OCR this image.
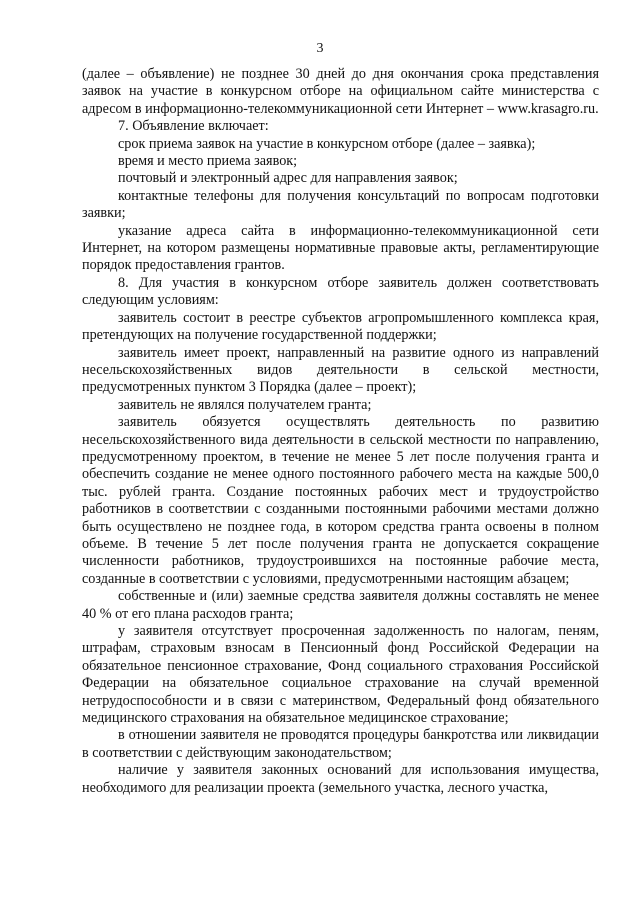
3

(далее – объявление) не позднее 30 дней до дня окончания срока представления заявок на участие в конкурсном отборе на официальном сайте министерства с адресом в информационно-телекоммуникационной сети Интернет – www.krasagro.ru.

7. Объявление включает:

срок приема заявок на участие в конкурсном отборе (далее – заявка);

время и место приема заявок;

почтовый и электронный адрес для направления заявок;

контактные телефоны для получения консультаций по вопросам подготовки заявки;

указание адреса сайта в информационно-телекоммуникационной сети Интернет, на котором размещены нормативные правовые акты, регламентирующие порядок предоставления грантов.

8. Для участия в конкурсном отборе заявитель должен соответствовать следующим условиям:

заявитель состоит в реестре субъектов агропромышленного комплекса края, претендующих на получение государственной поддержки;

заявитель имеет проект, направленный на развитие одного из направлений несельскохозяйственных видов деятельности в сельской местности, предусмотренных пунктом 3 Порядка (далее – проект);

заявитель не являлся получателем гранта;

заявитель обязуется осуществлять деятельность по развитию несельскохозяйственного вида деятельности в сельской местности по направлению, предусмотренному проектом, в течение не менее 5 лет после получения гранта и обеспечить создание не менее одного постоянного рабочего места на каждые 500,0 тыс. рублей гранта. Создание постоянных рабочих мест и трудоустройство работников в соответствии с созданными постоянными рабочими местами должно быть осуществлено не позднее года, в котором средства гранта освоены в полном объеме. В течение 5 лет после получения гранта не допускается сокращение численности работников, трудоустроившихся на постоянные рабочие места, созданные в соответствии с условиями, предусмотренными настоящим абзацем;

собственные и (или) заемные средства заявителя должны составлять не менее 40 % от его плана расходов гранта;

у заявителя отсутствует просроченная задолженность по налогам, пеням, штрафам, страховым взносам в Пенсионный фонд Российской Федерации на обязательное пенсионное страхование, Фонд социального страхования Российской Федерации на обязательное социальное страхование на случай временной нетрудоспособности и в связи с материнством, Федеральный фонд обязательного медицинского страхования на обязательное медицинское страхование;

в отношении заявителя не проводятся процедуры банкротства или ликвидации в соответствии с действующим законодательством;

наличие у заявителя законных оснований для использования имущества, необходимого для реализации проекта (земельного участка, лесного участка,
